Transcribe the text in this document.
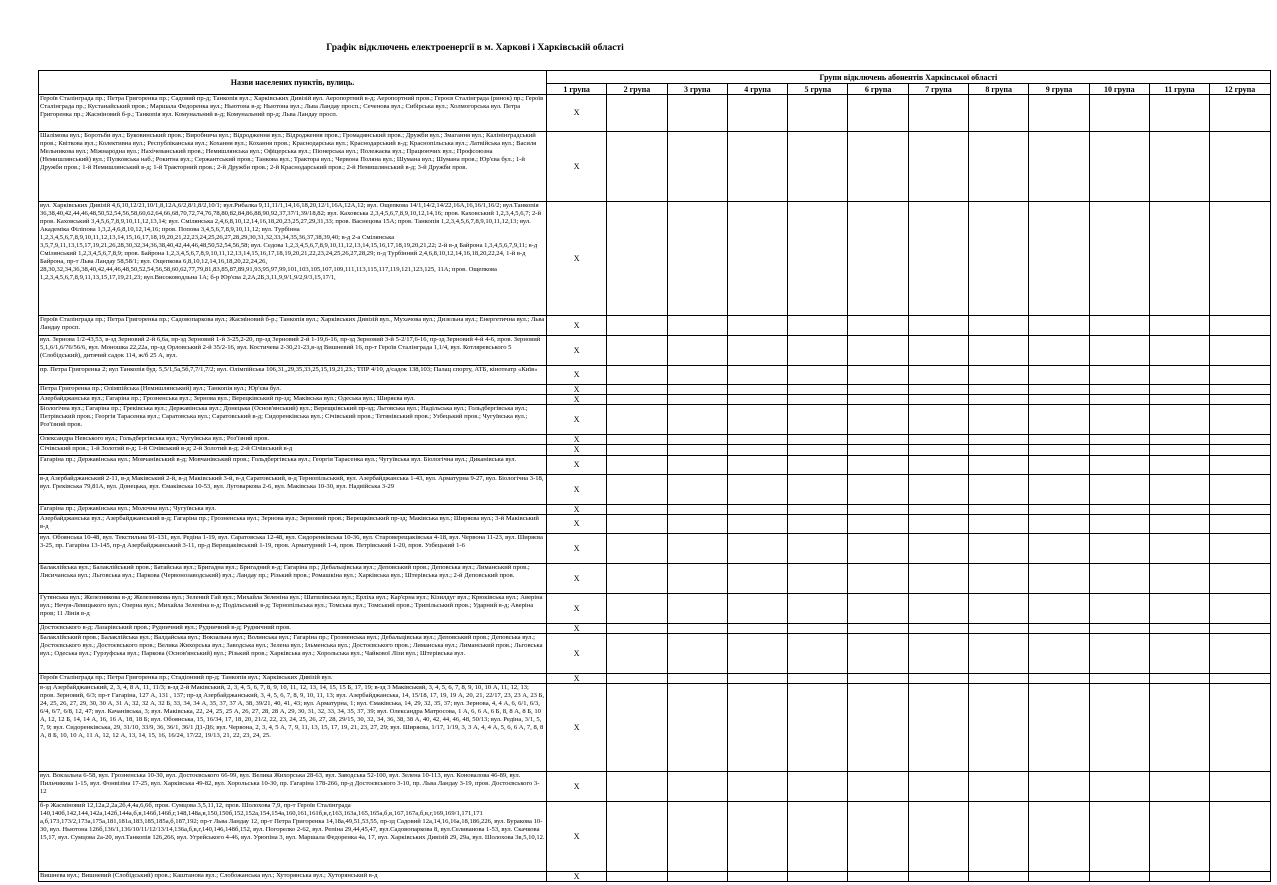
Графік відключень електроенергії в м. Харкові і Харківській області
Назви населених пунктів, вулиць.	Групи відключень абонентів Харківської області											
	1 група	2 група	3 група	4 група	5 група	6 група	7 група	8 група	9 група	10 група	11 група	12 група
Героїв Сталінграда пр.; Петра Григоренка пр.; Садовий пр-д; Танкопія вул.; Харківських Дивізій вул. Аеропортний в-д; Аеропортний пров.; Героєв Сталінграда (ринок) пр.; Героїв Сталінграда пр.; Кустанайський пров.; Маршала Федоренка вул.; Ньютона в-д; Ньютона вул.; Льва Ландау просп.; Сеченова вул.; Сибірська вул.; Холмогорська вул. Петра Григоренка пр.; Жасміновий б-р.; Танкопія вул. Комунальний в-д; Комунальний пр-д; Льва Ландау просп.	X											
Шалімова вул.; Боротьби вул.; Буковинський пров.; Виробнича вул.; Відродження вул.; Відродження пров.; Громадянський пров.; Дружби вул.; Змагання вул.; Калінінградський пров.; Квіткова вул.; Колективна вул.; Республіканська вул.; Кохання вул.; Кохання пров.; Краснодарська вул.; Краснодарський в-д; Краснопільська вул.; Латвійська вул.; Василя Мельникова вул.; Міжнародна вул.; Нахічеванський пров.; Немишлянська вул.; Офіцерська вул.; Піонерська вул.; Полежаєва вул.; Працюючих вул.; Профсоюзна (Немишлянський) вул.; Пулковська наб.; Рокитна вул.; Сержантський пров.; Танкова вул.; Трактора вул.; Червона Поляна вул.; Шумана вул.; Шумана пров.; Юр'єва бул.; 1-й Дружби пров.; 1-й Немишлянський в-д; 1-й Тракторний пров.; 2-й Дружби пров.; 2-й Краснодарський пров.; 2-й Немишлянський в-д; 3-й Дружби пров.	X											
вул. Харківських Дивізій 4,6,10,12/21,10/1,8,12А,6/2,8/1,8/2,10/1; вул.Рибалка 9,11,11/1,14,16,18,20,12/1,16А,12А,12; вул. Ощепкова 14/1,14/2,14/22,16А,16,16/1,16/2; вул.Танкопія 36,38,40,42,44,46,48,50,52,54,56,58,60,62,64,66,68,70,72,74,76,78,80,82,84,86,88,90,92,37,37/1,39/18,82; вул. Каховська 2,3,4,5,6,7,8,9,10,12,14,16; пров. Каховський 1,2,3,4,5,6,7; 2-й пров. Каховський 3,4,5,6,7,8,9,10,11,12,13,14; вул. Смілянська 2,4,6,8,10,12,14,16,18,20,23,25,27,29,31,33; пров. Васнецова 15А; пров. Танкопія 1,2,3,4,5,6,7,8,9,10,11,12,13; вул. Академіка Філіпова 1,3,2,4,6,8,10,12,14,16; пров. Попова 3,4,5,6,7,8,9,10,11,12; вул. Турбінна 1,2,3,4,5,6,7,8,9,10,11,12,13,14,15,16,17,18,19,20,21,22,23,24,25,26,27,28,29,30,31,32,33,34,35,36,37,38,39,40; в-д 2-а Смілянська 3,5,7,9,11,13,15,17,19,21,26,28,30,32,34,36,38,40,42,44,46,48,50,52,54,56,58; вул. Седова 1,2,3,4,5,6,7,8,9,10,11,12,13,14,15,16,17,18,19,20,21,22; 2-й в-д Байрона 1,3,4,5,6,7,9,11; в-д Смілянський 1,2,3,4,5,6,7,8,9; пров. Байрона 1,2,3,4,5,6,7,8,9,10,11,12,13,14,15,16,17,18,19,20,21,22,23,24,25,26,27,28,29; п-д Турбінний 2,4,6,8,10,12,14,16,18,20,22,24, 1-й в-д Байрона, пр-т Льва Ландау 58,58/1; вул. Ощепкова 6,8,10,12,14,16,18,20,22,24,26, 28,30,32,34,36,38,40,42,44,46,48,50,52,54,56,58,60,62,77,79,81,83,85,87,89,91,93,95,97,99,101,103,105,107,109,111,113,115,117,119,121,123,125, 11А; пров. Ощепкова 1,2,3,4,5,6,7,8,9,11,13,15,17,19,21,23; вул.Висоководльна 1А; б-р Юр'єва 2,2А,2Б,3,11,9,9/1,9/2,9/3,15,17/1,	X											
Героїв Сталінграда пр.; Петра Григоренка пр.; Садовопаркова вул.; Жасміновий б-р.; Танкопія вул.; Харківських Дивізій вул., Мухачова вул.; Дизельна вул.; Енергетична вул.; Льва Ландау просп.	X											
вул. Зернова 1/2-43,53, в-зд Зерновий 2-й 6,6а, пр-зд Зерновий 1-й 3-25,2-20, пр-зд Зерновий 2-й 1-19,6-16, пр-зд Зерновий 3-й 5-2/17,6-16, пр-зд Зерновий 4-й 4-6, пров. Зерновий 5,1,6/1,6/76/56/6, вул. Моношка 22,22а, пр-зд Орловський 2-й 35/2-16, вул. Костичева 2-30,21-23,в-зд Вишневий 16, пр-т Героїв Сталінграда 1,1/4, вул. Котляревського 5 (Слобідський), дитячий садок 114, ж/б 25 А, вул.	X											
пр. Петра Григоренка 2; вул Танкопія буд. 5,5/1,5а,5б,7,7/1,7/2; вул. Олімпійська 106,31,,29,35,33,25,15,19,21,23.; ТПР 4/10, д/садок 138,103; Палац спорту, АТБ, кінотеатр «Київ»	X											
Петра Григоренка пр.; Олімпійська (Немишлянський) вул.; Танкопія вул.; Юр'єва бул.	X											
Азербайджанська вул.; Гагаріна пр.; Грозненська вул.; Зернова вул.; Верецківський пр-зд; Маківська вул.; Одеська вул.; Ширяєва вул.	X											
Біологічна вул.; Гагаріна пр.; Греківська вул.; Державінська вул.; Донецька (Основ'янський) вул.; Верещківський пр-зд; Льговська вул.; Надільська вул.; Гольдбергівська вул.; Петрівський пров.; Георгія Тарасенка вул.; Саратовська вул.; Саратовський в-д; Сидоренківська вул.; Січівський пров.; Тетянівський пров.; Узбецький пров.; Чугуївська вул.; Роз'їзний пров.	X											
Олександра Невського вул.; Гольдбергівська вул.; Чугуївська вул.; Роз'їзний пров.	X											
Січівський пров.; 1-й Золотий в-д; 1-й Січівський в-д; 2-й Золотий в-д; 2-й Січівський в-д	X											
Гагаріна пр.; Державінська вул.; Мовчанівський в-д; Мовчанівський пров.; Гольдбергівська вул.; Георгія Тарасенка вул.; Чугуївська вул. Біологічна вул.; Диканівська вул.	X											
в-д Азербайджанський 2-11, в-д Маківський 2-й, в-д Маківський 3-й, в-д Саратовський, в-д Тернопільський, вул. Азербайджанська 1-43, вул. Арматурна 9-27, вул. Біологічна 3-18, вул. Греківська 79,81А, вул. Донецька, вул. Ємаківська 10-53, вул. Луговаркова 2-6, вул. Маківська 10-30, вул. Надвійська 3-29	X											
Гагаріна пр.; Державінська вул.; Молочна вул.; Чугуївська вул.	X											
Азербайджанська вул.; Азербайджанський в-д; Гагаріна пр.; Грозненська вул.; Зернова вул.; Зерновий пров.; Верещківський пр-зд; Маківська вул.; Ширяєва вул.; 3-й Маківський в-д	X											
вул. Обоянська 10-48, вул. Текстильна 91-131, вул. Редіна 1-19, вул. Саратовська 12-48, вул. Сидоренківська 10-36, вул. Староверещаківська 4-18, вул. Червона 11-23, вул. Ширяєва 3-25, пр. Гагаріна 13-145, пр-д Азербайджанський 3-11, пр-д Верещаківський 1-19, пров. Арматурний 1-4, пров. Петрівський 1-20, пров. Узбецький 1-6	X											
Балаклійська вул.; Балаклійський пров.; Батайська вул.; Бригадна вул.; Бригадний в-д; Гагаріна пр.; Дебальцівська вул.; Деповський пров.; Деповська вул.; Лиманський пров.; Лисичанська вул.; Льговська вул.; Паркова (Червонозаводський) вул.; Ландау пр.; Різький пров.; Ромашкіна вул.; Харківська вул.; Штерівська вул.; 2-й Деповський пров.	X											
Гутянська вул.; Железнякова в-д; Железнякова вул.; Зелений Гай вул.; Михайла Зеленіна вул.; Шатилівська вул.; Ерліха вул.; Кар'єрна вул.; Кізилдуг вул.; Крюківська вул.; Аверіна вул.; Нечуя-Левицького вул.; Озерна вул.; Михайла Зеленіна в-д; Подільський в-д; Тернопільська вул.; Томська вул.; Томський пров.; Трипільський пров.; Ударний в-д; Аверіна пров; 11 Лінія в-д	X											
Достоєвського в-д; Лазарівський пров.; Рудничний вул.; Рудничний в-д; Рудничний пров.	X											
Балаклійський пров.; Балаклійська вул.; Валдайська вул.; Вокзальна вул.; Волинська вул.; Гагаріна пр.; Грозненська вул.; Дебальцівська вул.; Деповський пров.; Деповська вул.; Достоєвського вул.; Достоєвського пров.; Велика Жихорська вул.; Заводська вул.; Зелена вул.; Ільменська вул.; Достоєвського пров.; Лиманська вул.; Лиманський пров.; Льговська вул.; Одеська вул.; Гурзуфська вул.; Паркова (Основ'янський) вул.; Різький пров.; Харківська вул.; Хорольська вул.; Чайкової Лізи вул.; Штерівська вул.	X											
Героїв Сталінграда пр.; Петра Григоренка пр.; Стадіонний пр-д; Танкопія вул.; Харківських Дивізій вул.	X											
в-зд Азербайджанський, 2, 3, 4, 8 А, 11, 11/3; в-зд 2-й Маківський, 2, 3, 4, 5, 6, 7, 8, 9, 10, 11, 12, 13, 14, 15, 15 Б, 17, 19; в-зд 3 Маківський, 3, 4, 5, 6, 7, 8, 9, 10, 10 А, 11, 12, 13; пров. Зерновий, 6/3; пр-т Гагаріна, 127 А, 131 , 137; пр-зд Азербайджанський, 3, 4, 5, 6, 7, 8, 9, 10, 11, 13; вул. Азербайджанська, 14, 15/18, 17, 19, 19 А, 20, 21, 22/17, 23, 23 А, 23 Б, 24, 25, 26, 27, 29, 30, 30 А, 31 А, 32, 32 А, 32 Б, 33, 34, 34 А, 35, 37, 37 А, 38, 39/21, 40, 41, 43; вул. Арматурна, 1; вул. Ємаківська, 14, 29, 32, 35, 37; вул. Зернова, 4, 4 А, 6, 6/1, 6/3, 6/4, 6/7, 6/8, 12, 47; вул. Качанівська, 3; вул. Маківська, 22, 24, 25, 25 А, 26, 27, 28, 28 А, 29, 30, 31, 32, 33, 34, 35, 37, 39; вул. Олександра Матросова, 1 А, 6, 6 А, 6 Б, 8, 8 А, 8 Б, 10 А, 12, 12 Б, 14, 14 А, 16, 16 А, 18, 18 Б; вул. Обоянська, 15, 16/34, 17, 18, 20, 21/2, 22, 23, 24, 25, 26, 27, 28, 29/15, 30, 32, 34, 36, 38, 38 А, 40, 42, 44, 46, 48, 50/13; вул. Редіна, 3/1, 5, 7, 9; вул. Сидоренківська, 29, 31/10, 33/9, 36, 36/1, 36/1 Д1-Д6; вул. Червона, 2, 3, 4, 5 А, 7, 9, 11, 13, 15, 17, 19, 21, 23, 27, 29; вул. Ширяєва, 1/17, 1/19, 3, 3 А, 4, 4 А, 5, 6, 6 А, 7, 8, 8 А, 8 Б, 10, 10 А, 11 А, 12, 12 А, 13, 14, 15, 16, 16/24, 17/22, 19/13, 21, 22, 23, 24, 25.	X											
вул. Вокзальна 6-58, вул. Грозненська 10-30, вул. Достоєвського 66-99, вул. Велика Жихорська 28-63, вул. Заводська 52-100, вул. Зелена 10-113, вул. Коновалова 46-89, вул. Пильчикова 1-15, вул. Фонвізіна 17-25, вул. Харківська 49-82, вул. Хорольська 10-30, пр. Гагаріна 178-266, пр-д Достоєвського 3-10, пр. Льва Ландау 3-19, пров. Достоєвського 3-12	X											
б-р Жасміновий 12,12а,2,2а,2б,4,4а,6,6б, пров. Сумцова 3,5,11,12, пров. Шолохова 7,9, пр-т Героїв Сталінграда 140,140б,142,144,142а,142б,144а,б,в,146б,146б,г,148,148а,в,150,150б,152,152а,154,154а,160,161,161б,в,г,163,163а,165,165а,б,в,167,167а,б,в,г,169,169/1,171,171 а,б,173,173/2,173а,175а,181,181а,183,185,185а,б,187,192; пр-т Льва Ландау 12, пр-т Петра Григоренка 14,18а,49,51,53,55, пр-зд Садовий 12а,14,16,16а,18,186,226, вул. Буракова 10-30, вул. Ньютона 126б,136/1,136/10/11/12/13/14,136а,б,в,г,140,146,148б,152, вул. Погорелко 2-62, вул. Репіна 29,44,45,47, вул.Садовопаркова 8, вул.Селиванова 1-53, вул. Скачкова 15,17, вул. Сумцова 2а-20, вул.Танкопія 126,266, вул. Угрейського 4-46, вул. Урюпіна 3, вул. Маршала Федоренка 4а, 17, вул. Харківських Дивізій 29, 29а, вул. Шолохова 3в,5,10,12.	X											
Вишнева вул.; Вишневий (Слобідський) пров.; Каштанова вул.; Слобожанська вул.; Хуторянська вул.; Хуторянський в-д	X											
